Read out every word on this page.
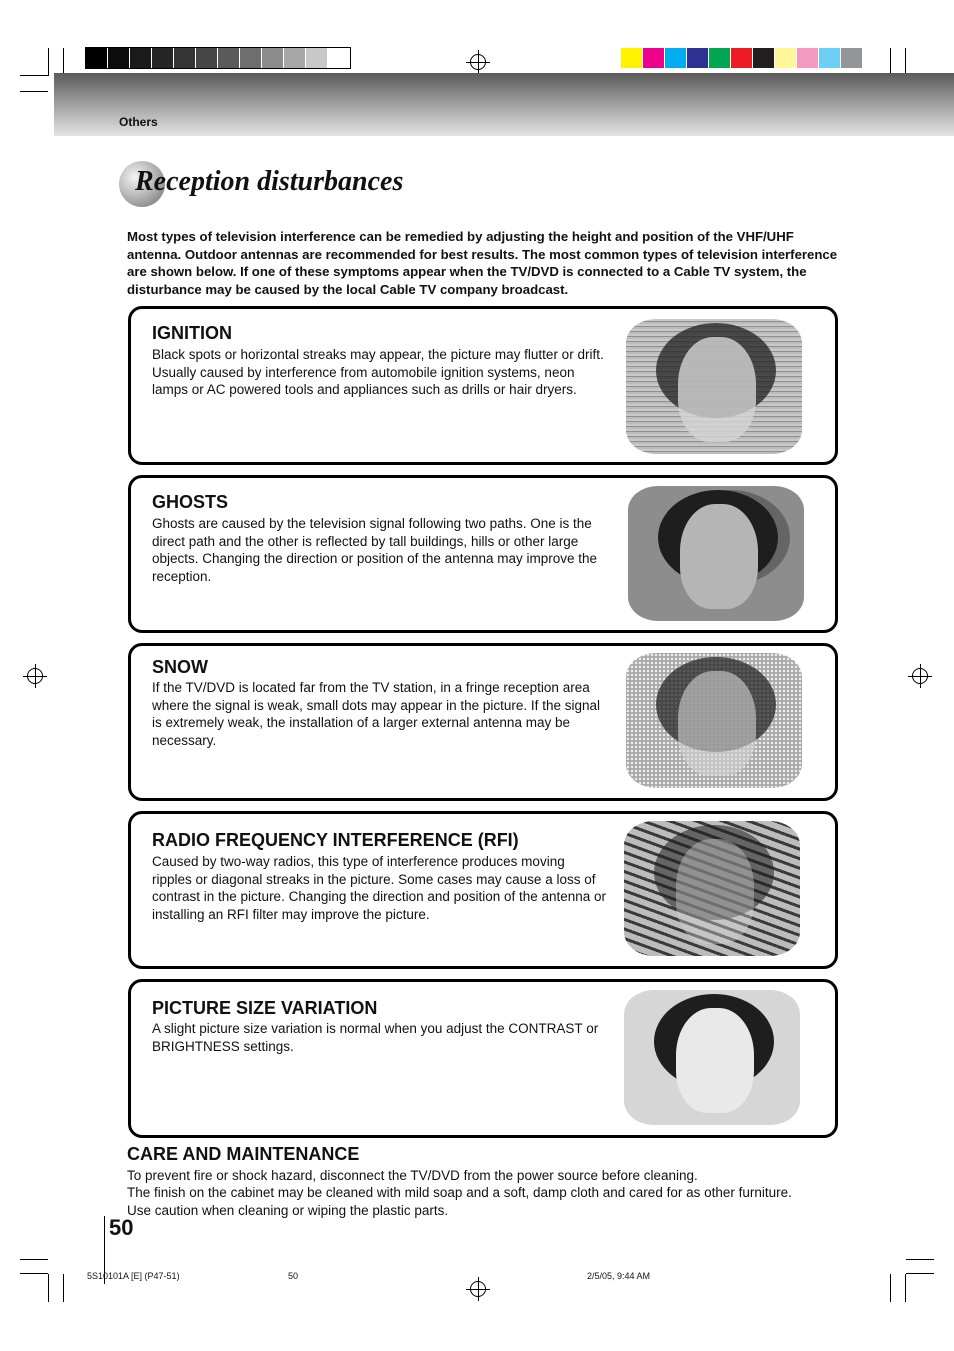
Others
Reception disturbances
Most types of television interference can be remedied by adjusting the height and position of the VHF/UHF antenna. Outdoor antennas are recommended for best results. The most common types of television interference are shown below. If one of these symptoms appear when the TV/DVD is connected to a Cable TV system, the disturbance may be caused by the local Cable TV company broadcast.
IGNITION

Black spots or horizontal streaks may appear, the picture may flutter or drift. Usually caused by interference from automobile ignition systems, neon lamps or AC powered tools and appliances such as drills or hair dryers.

GHOSTS

Ghosts are caused by the television signal following two paths. One is the direct path and the other is reflected by tall buildings, hills or other large objects. Changing the direction or position of the antenna may improve the reception.

SNOW

If the TV/DVD is located far from the TV station, in a fringe reception area where the signal is weak, small dots may appear in the picture. If the signal is extremely weak, the installation of a larger external antenna may be necessary.

RADIO FREQUENCY INTERFERENCE (RFI)

Caused by two-way radios, this type of interference produces moving ripples or diagonal streaks in the picture. Some cases may cause a loss of contrast in the picture. Changing the direction and position of the antenna or installing an RFI filter may improve the picture.

PICTURE SIZE VARIATION

A slight picture size variation is normal when you adjust the CONTRAST or BRIGHTNESS settings.

CARE AND MAINTENANCE

To prevent fire or shock hazard, disconnect the TV/DVD from the power source before cleaning.

The finish on the cabinet may be cleaned with mild soap and a soft, damp cloth and cared for as other furniture.

Use caution when cleaning or wiping the plastic parts.

50
5S10101A [E] (P47-51)	50	2/5/05, 9:44 AM
